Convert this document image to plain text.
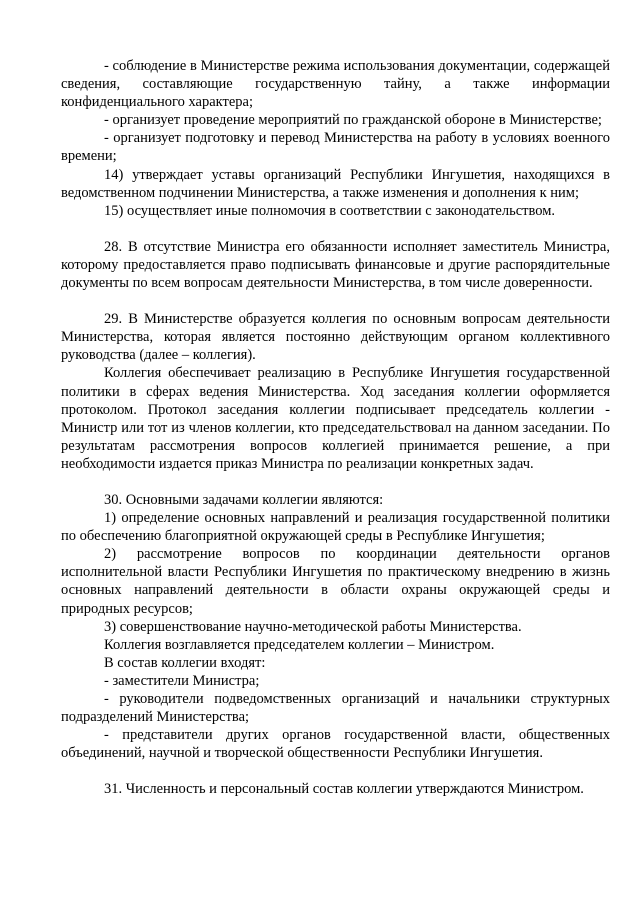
- соблюдение в Министерстве режима использования документации, содержащей сведения, составляющие государственную тайну, а также информации конфиденциального характера;

- организует проведение мероприятий по гражданской обороне в Министерстве;

- организует подготовку и перевод Министерства на работу в условиях военного времени;

14) утверждает уставы организаций Республики Ингушетия, находящихся в ведомственном подчинении Министерства, а также изменения и дополнения к ним;

15) осуществляет иные полномочия в соответствии с законодательством.

28. В отсутствие Министра его обязанности исполняет заместитель Министра, которому предоставляется право подписывать финансовые и другие распорядительные документы по всем вопросам деятельности Министерства, в том числе доверенности.

29. В Министерстве образуется коллегия по основным вопросам деятельности Министерства, которая является постоянно действующим органом коллективного руководства (далее – коллегия).

Коллегия обеспечивает реализацию в Республике Ингушетия государственной политики в сферах ведения Министерства. Ход заседания коллегии оформляется протоколом. Протокол заседания коллегии подписывает председатель коллегии - Министр или тот из членов коллегии, кто председательствовал на данном заседании. По результатам рассмотрения вопросов коллегией принимается решение, а при необходимости издается приказ Министра по реализации конкретных задач.

30. Основными задачами коллегии являются:

1) определение основных направлений и реализация государственной политики по обеспечению благоприятной окружающей среды в Республике Ингушетия;

2) рассмотрение вопросов по координации деятельности органов исполнительной власти Республики Ингушетия по практическому внедрению в жизнь основных направлений деятельности в области охраны окружающей среды и природных ресурсов;

3) совершенствование научно-методической работы Министерства.

Коллегия возглавляется председателем коллегии – Министром.

В состав коллегии входят:

- заместители Министра;

- руководители подведомственных организаций и начальники структурных подразделений Министерства;

- представители других органов государственной власти, общественных объединений, научной и творческой общественности Республики Ингушетия.

31. Численность и персональный состав коллегии утверждаются Министром.
